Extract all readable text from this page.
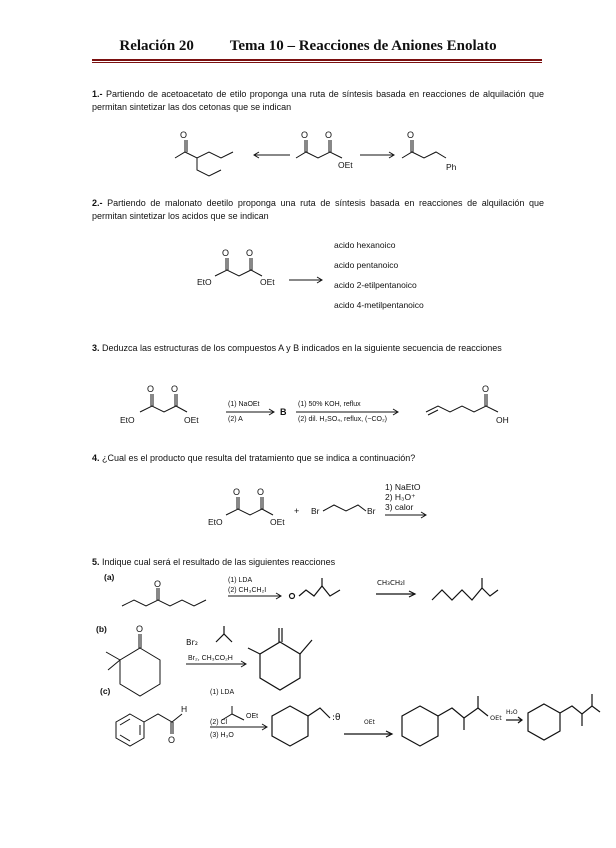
Relación 20 Tema 10 – Reacciones de Aniones Enolato
1.- Partiendo de acetoacetato de etilo proponga una ruta de síntesis basada en reacciones de alquilación que permitan sintetizar las dos cetonas que se indican
2.- Partiendo de malonato deetilo proponga una ruta de síntesis basada en reacciones de alquilación que permitan sintetizar los acidos que se indican
3. Deduzca las estructuras de los compuestos A y B indicados en la siguiente secuencia de reacciones
4. ¿Cual es el producto que resulta del tratamiento que se indica a continuación?
5. Indique cual será el resultado de las siguientes reacciones
acido hexanoico
acido pentanoico
acido 2-etilpentanoico
acido 4-metilpentanoico
O O
O
OEt
O
Ph
O O
EtO	OEt
O O
EtO	OEt
(1) NaOEt
(2) A
B
(1) 50% KOH, reflux
(2) dil. H₂SO₄, reflux, (−CO₂)
O
OH
O O
EtO	OEt
+ Br	Br
1) NaEtO
2) H₃O⁺
3) calor
(a)
O	(1) LDA
(2) CH₃CH₂I
CH₃CH₂I
(b)	O
Br₂, CH₃CO₂H
Br₂
(c)
H
O
(1) LDA
(2) Cl
OEt
(3) H₃O
:θ	OEt
OEt
H₂O
